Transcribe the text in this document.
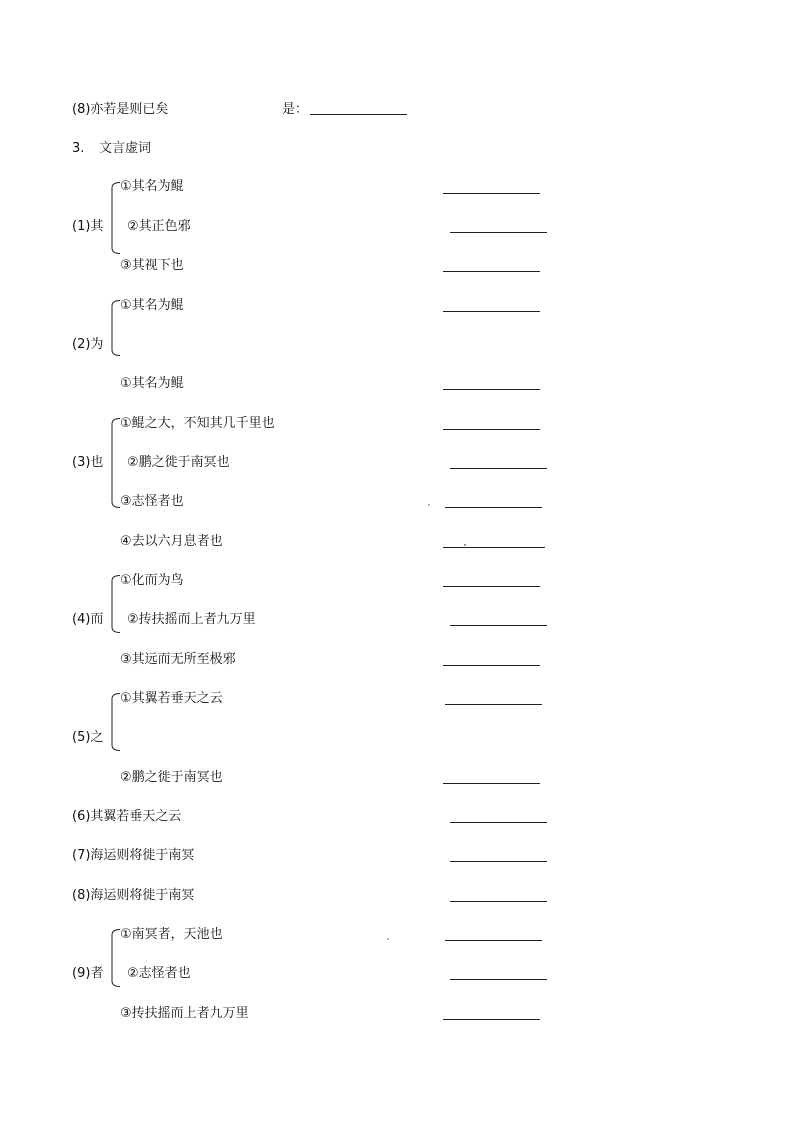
(8)亦若是则已矣	是：
3. 文言虚词
(1)其
①其名为鲲
②其正色邪
③其视下也
(2)为
①其名为鲲
①其名为鲲
(3)也
①鲲之大，不知其几千里也
②鹏之徙于南冥也
③志怪者也
④去以六月息者也
(4)而
①化而为鸟
②抟扶摇而上者九万里
③其远而无所至极邪
(5)之
①其翼若垂天之云
②鹏之徙于南冥也
(6)其翼若垂天之云
(7)海运则将徙于南冥
(8)海运则将徙于南冥
(9)者
①南冥者，天池也
②志怪者也
③抟扶摇而上者九万里
